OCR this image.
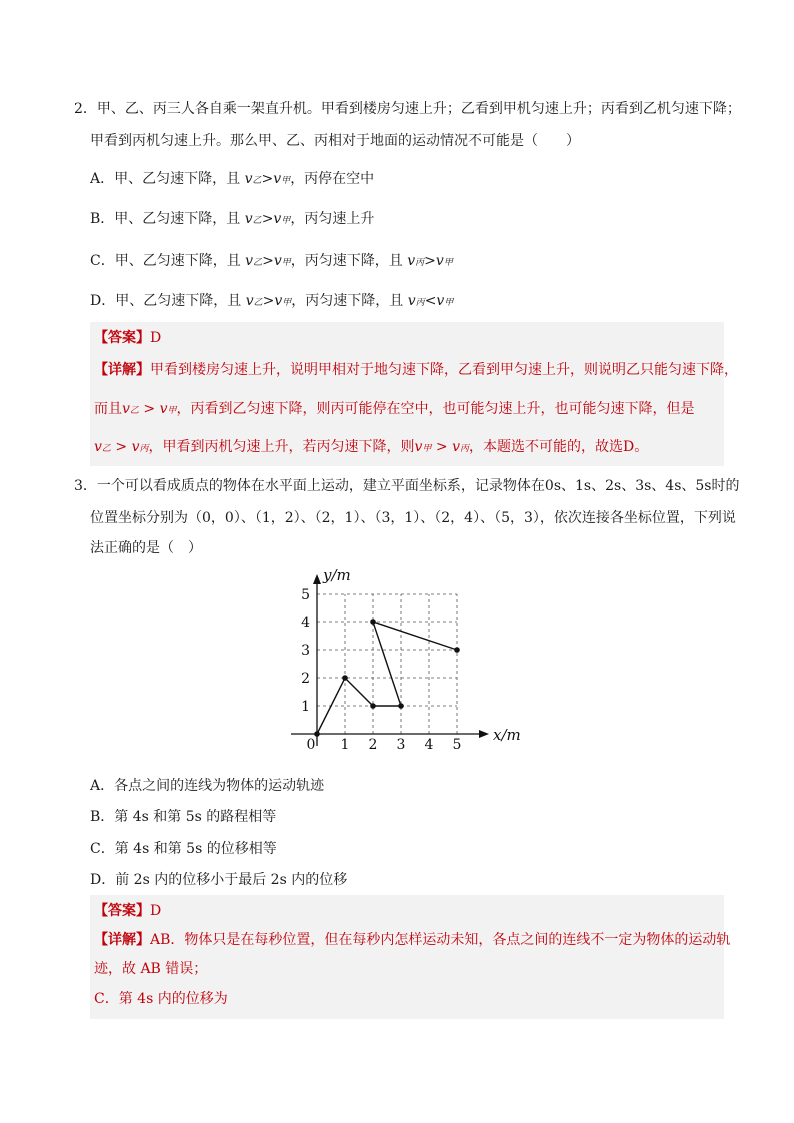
2．甲、乙、丙三人各自乘一架直升机。甲看到楼房匀速上升；乙看到甲机匀速上升；丙看到乙机匀速下降；
甲看到丙机匀速上升。那么甲、乙、丙相对于地面的运动情况不可能是（　　）
A．甲、乙匀速下降，且 v乙>v甲，丙停在空中
B．甲、乙匀速下降，且 v乙>v甲，丙匀速上升
C．甲、乙匀速下降，且 v乙>v甲，丙匀速下降，且 v丙>v甲
D．甲、乙匀速下降，且 v乙>v甲，丙匀速下降，且 v丙<v甲
【答案】D
【详解】甲看到楼房匀速上升，说明甲相对于地匀速下降，乙看到甲匀速上升，则说明乙只能匀速下降，
而且v乙 > v甲，丙看到乙匀速下降，则丙可能停在空中，也可能匀速上升，也可能匀速下降，但是
v乙 > v丙，甲看到丙机匀速上升，若丙匀速下降，则v甲 > v丙，本题选不可能的，故选D。
3．一个可以看成质点的物体在水平面上运动，建立平面坐标系，记录物体在0s、1s、2s、3s、4s、5s时的
位置坐标分别为（0，0）、（1，2）、（2，1）、（3，1）、（2，4）、（5，3），依次连接各坐标位置，下列说
法正确的是（　）
0 1 2 3 4 5
1
2
3
4
5
x/m
y/m
A．各点之间的连线为物体的运动轨迹
B．第 4s 和第 5s 的路程相等
C．第 4s 和第 5s 的位移相等
D．前 2s 内的位移小于最后 2s 内的位移
【答案】D
【详解】AB．物体只是在每秒位置，但在每秒内怎样运动未知，各点之间的连线不一定为物体的运动轨
迹，故 AB 错误；
C．第 4s 内的位移为
